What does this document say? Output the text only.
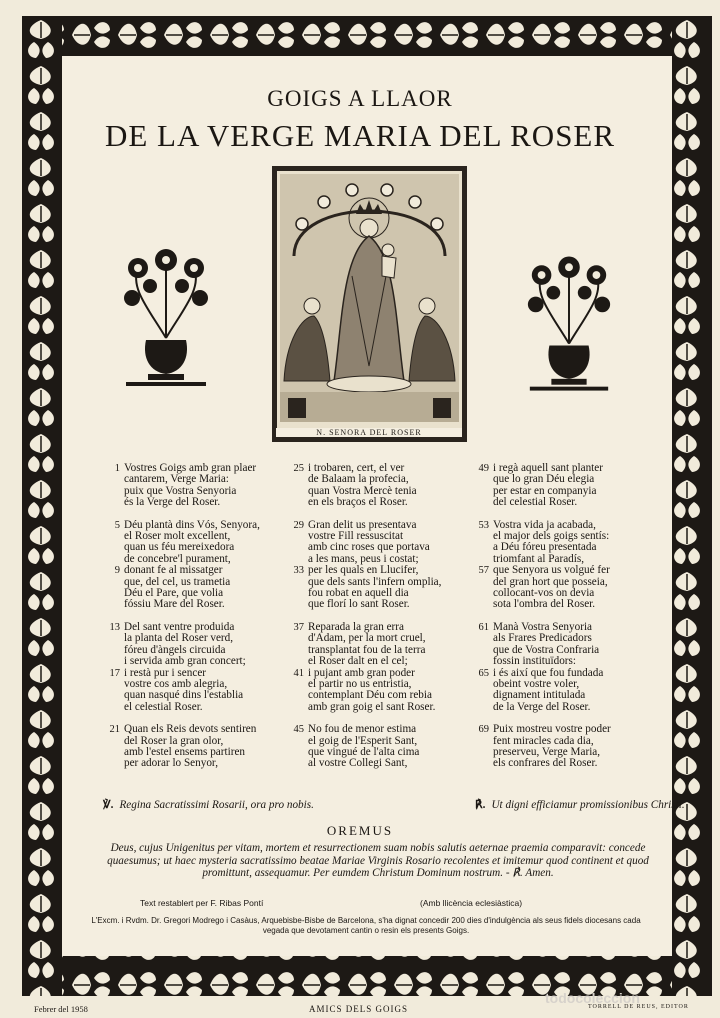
GOIGS A LLAOR
DE LA VERGE MARIA DEL ROSER
N. SENORA DEL ROSER
1 Vostres Goigs amb gran plaer
cantarem, Verge Maria:
puix que Vostra Senyoria
és la Verge del Roser.
5 Déu plantà dins Vós, Senyora,
el Roser molt excellent,
quan us féu mereixedora
de concebre'l purament,
9 donant fe al missatger
que, del cel, us trametia
Déu el Pare, que volia
fóssiu Mare del Roser.
13 Del sant ventre produida
la planta del Roser verd,
fóreu d'àngels circuida
i servida amb gran concert;
17 i restà pur i sencer
vostre cos amb alegria,
quan nasqué dins l'establia
el celestial Roser.
21 Quan els Reis devots sentiren
del Roser la gran olor,
amb l'estel ensems partiren
per adorar lo Senyor,
25 i trobaren, cert, el ver
de Balaam la profecia,
quan Vostra Mercè tenia
en els braços el Roser.
29 Gran delit us presentava
vostre Fill ressuscitat
amb cinc roses que portava
a les mans, peus i costat;
33 per les quals en Llucifer,
que dels sants l'infern omplia,
fou robat en aquell dia
que florí lo sant Roser.
37 Reparada la gran erra
d'Adam, per la mort cruel,
transplantat fou de la terra
el Roser dalt en el cel;
41 i pujant amb gran poder
el partir no us entristia,
contemplant Déu com rebia
amb gran goig el sant Roser.
45 No fou de menor estima
el goig de l'Esperit Sant,
que vingué de l'alta cima
al vostre Collegi Sant,
49 i regà aquell sant planter
que lo gran Déu elegia
per estar en companyia
del celestial Roser.
53 Vostra vida ja acabada,
el major dels goigs sentís:
a Déu fóreu presentada
triomfant al Paradís,
57 que Senyora us volgué fer
del gran hort que posseia,
collocant-vos on devia
sota l'ombra del Roser.
61 Manà Vostra Senyoria
als Frares Predicadors
que de Vostra Confraria
fossin instituïdors:
65 i és així que fou fundada
obeint vostre voler,
dignament intitulada
de la Verge del Roser.
69 Puix mostreu vostre poder
fent miracles cada dia,
preserveu, Verge Maria,
els confrares del Roser.
℣. Regina Sacratissimi Rosarii, ora pro nobis.	℟. Ut digni efficiamur promissionibus Christi.
OREMUS
Deus, cujus Unigenitus per vitam, mortem et resurrectionem suam nobis salutis aeternae praemia comparavit: concede quaesumus; ut haec mysteria sacratissimo beatae Mariae Virginis Rosario recolentes et imitemur quod continent et quod promittunt, assequamur. Per eumdem Christum Dominum nostrum. - ℟. Amen.
Text restablert per F. Ribas Pontí	(Amb llicència eclesiàstica)
L'Excm. i Rvdm. Dr. Gregori Modrego i Casàus, Arquebisbe-Bisbe de Barcelona, s'ha dignat concedir 200 dies d'indulgència als seus fidels diocesans cada vegada que devotament cantin o resin els presents Goigs.
Febrer del 1958	AMICS DELS GOIGS	TORRELL DE REUS, EDITOR
todocoleccion
